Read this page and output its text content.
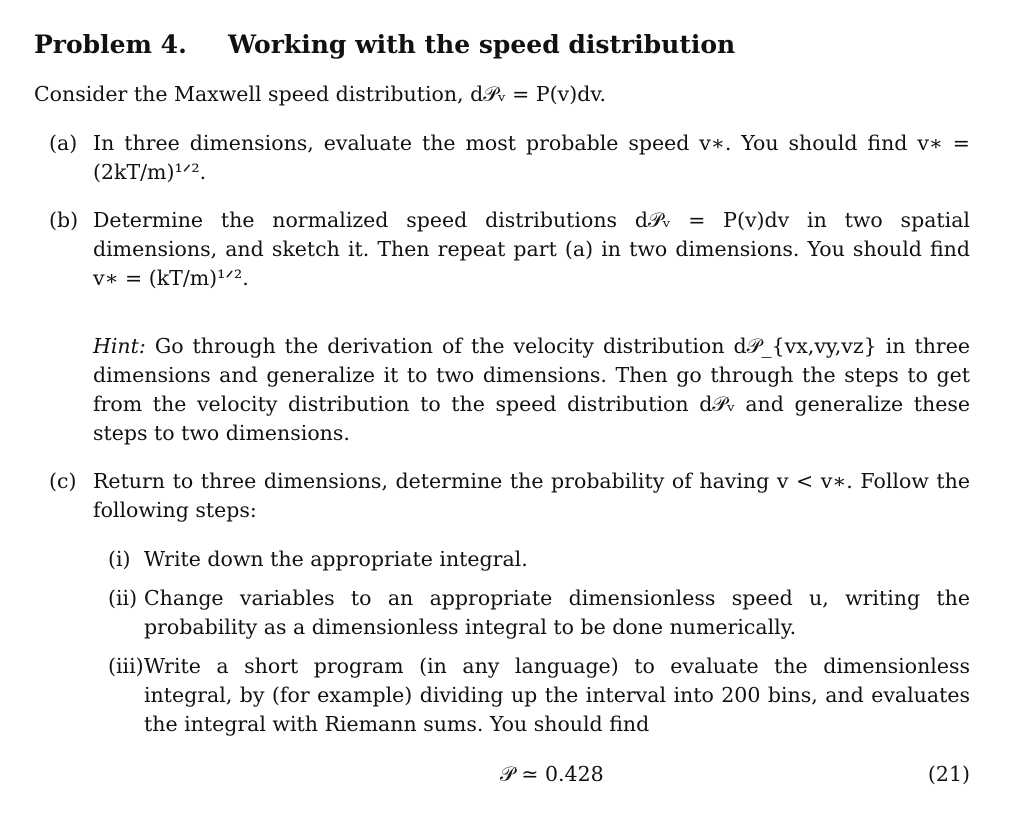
Problem 4. Working with the speed distribution
Consider the Maxwell speed distribution, d𝒫ᵥ = P(v)dv.
(a) In three dimensions, evaluate the most probable speed v∗. You should find v∗ = (2kT/m)¹ᐟ².
(b) Determine the normalized speed distributions d𝒫ᵥ = P(v)dv in two spatial dimensions, and sketch it. Then repeat part (a) in two dimensions. You should find v∗ = (kT/m)¹ᐟ².
Hint: Go through the derivation of the velocity distribution d𝒫_{vx,vy,vz} in three dimensions and generalize it to two dimensions. Then go through the steps to get from the velocity distribution to the speed distribution d𝒫ᵥ and generalize these steps to two dimensions.
(c) Return to three dimensions, determine the probability of having v < v∗. Follow the following steps:
(i) Write down the appropriate integral.
(ii) Change variables to an appropriate dimensionless speed u, writing the probability as a dimensionless integral to be done numerically.
(iii) Write a short program (in any language) to evaluate the dimensionless integral, by (for example) dividing up the interval into 200 bins, and evaluates the integral with Riemann sums. You should find
𝒫 ≃ 0.428	(21)
